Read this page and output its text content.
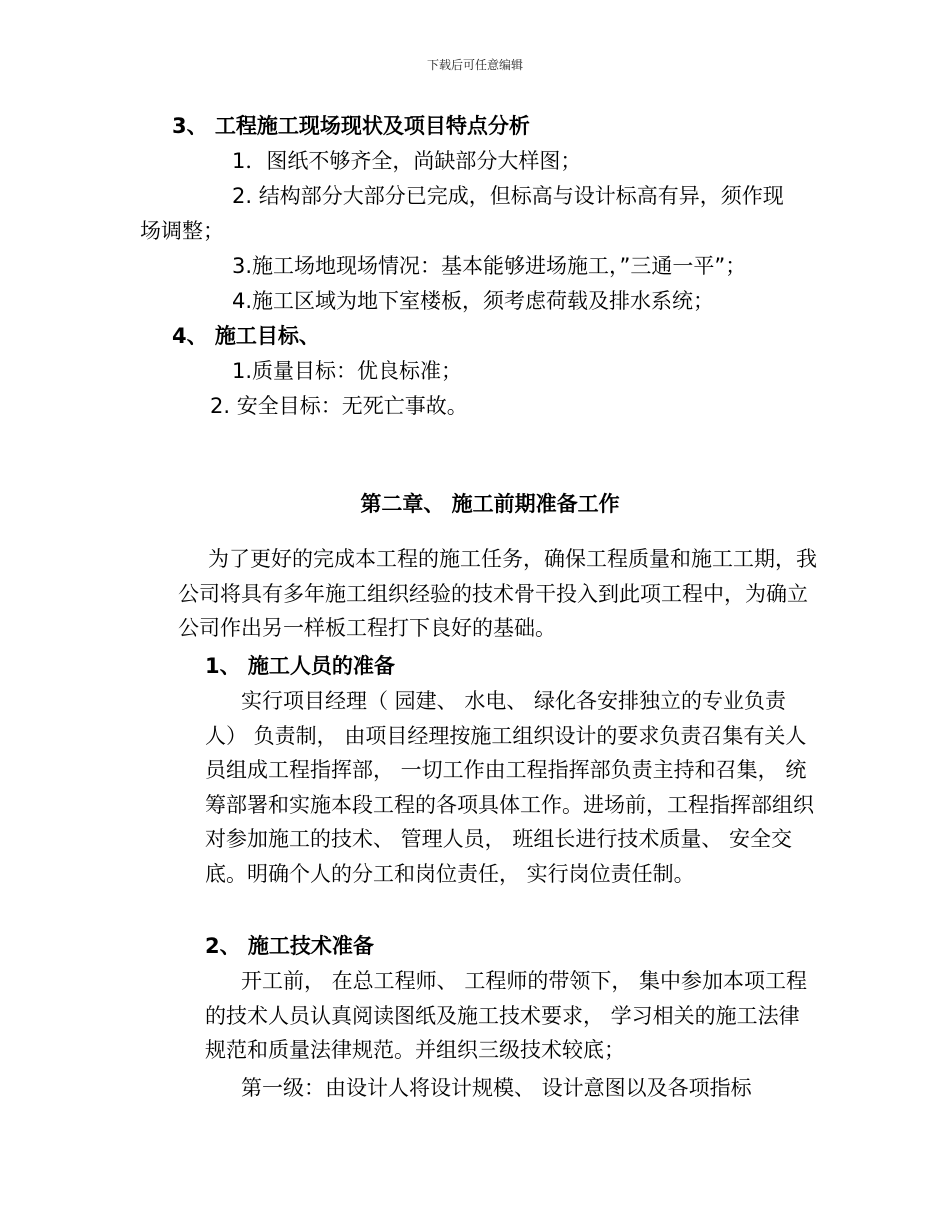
下载后可任意编辑
3、 工程施工现场现状及项目特点分析
1．图纸不够齐全，尚缺部分大样图；
2. 结构部分大部分已完成，但标高与设计标高有异，须作现
场调整；
3.施工场地现场情况：基本能够进场施工，”三通一平”；
4.施工区域为地下室楼板，须考虑荷载及排水系统；
4、 施工目标、
1.质量目标：优良标准；
2. 安全目标：无死亡事故。
第二章、 施工前期准备工作
为了更好的完成本工程的施工任务，确保工程质量和施工工期，我公司将具有多年施工组织经验的技术骨干投入到此项工程中，为确立公司作出另一样板工程打下良好的基础。
1、 施工人员的准备
实行项目经理（ 园建、 水电、 绿化各安排独立的专业负责人） 负责制， 由项目经理按施工组织设计的要求负责召集有关人员组成工程指挥部， 一切工作由工程指挥部负责主持和召集， 统筹部署和实施本段工程的各项具体工作。进场前，工程指挥部组织对参加施工的技术、 管理人员， 班组长进行技术质量、 安全交底。明确个人的分工和岗位责任， 实行岗位责任制。
2、 施工技术准备
开工前， 在总工程师、 工程师的带领下， 集中参加本项工程的技术人员认真阅读图纸及施工技术要求， 学习相关的施工法律规范和质量法律规范。并组织三级技术较底；
第一级：由设计人将设计规模、 设计意图以及各项指标
